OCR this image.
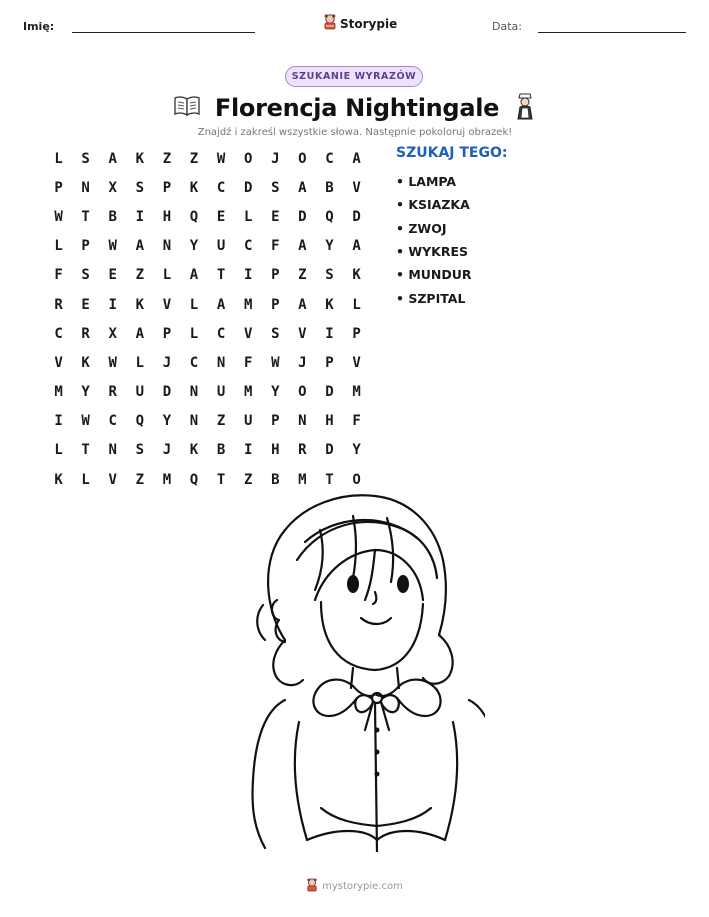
Imię:	Storypie	Data:
SZUKANIE WYRAZÓW
Florencja Nightingale
Znajdź i zakreśl wszystkie słowa. Następnie pokoloruj obrazek!
L	S	A	K	Z	Z	W	O	J	O	C	A
P	N	X	S	P	K	C	D	S	A	B	V
W	T	B	I	H	Q	E	L	E	D	Q	D
L	P	W	A	N	Y	U	C	F	A	Y	A
F	S	E	Z	L	A	T	I	P	Z	S	K
R	E	I	K	V	L	A	M	P	A	K	L
C	R	X	A	P	L	C	V	S	V	I	P
V	K	W	L	J	C	N	F	W	J	P	V
M	Y	R	U	D	N	U	M	Y	O	D	M
I	W	C	Q	Y	N	Z	U	P	N	H	F
L	T	N	S	J	K	B	I	H	R	D	Y
K	L	V	Z	M	Q	T	Z	B	M	T	O
SZUKAJ TEGO:
• LAMPA
• KSIAZKA
• ZWOJ
• WYKRES
• MUNDUR
• SZPITAL
mystorypie.com
